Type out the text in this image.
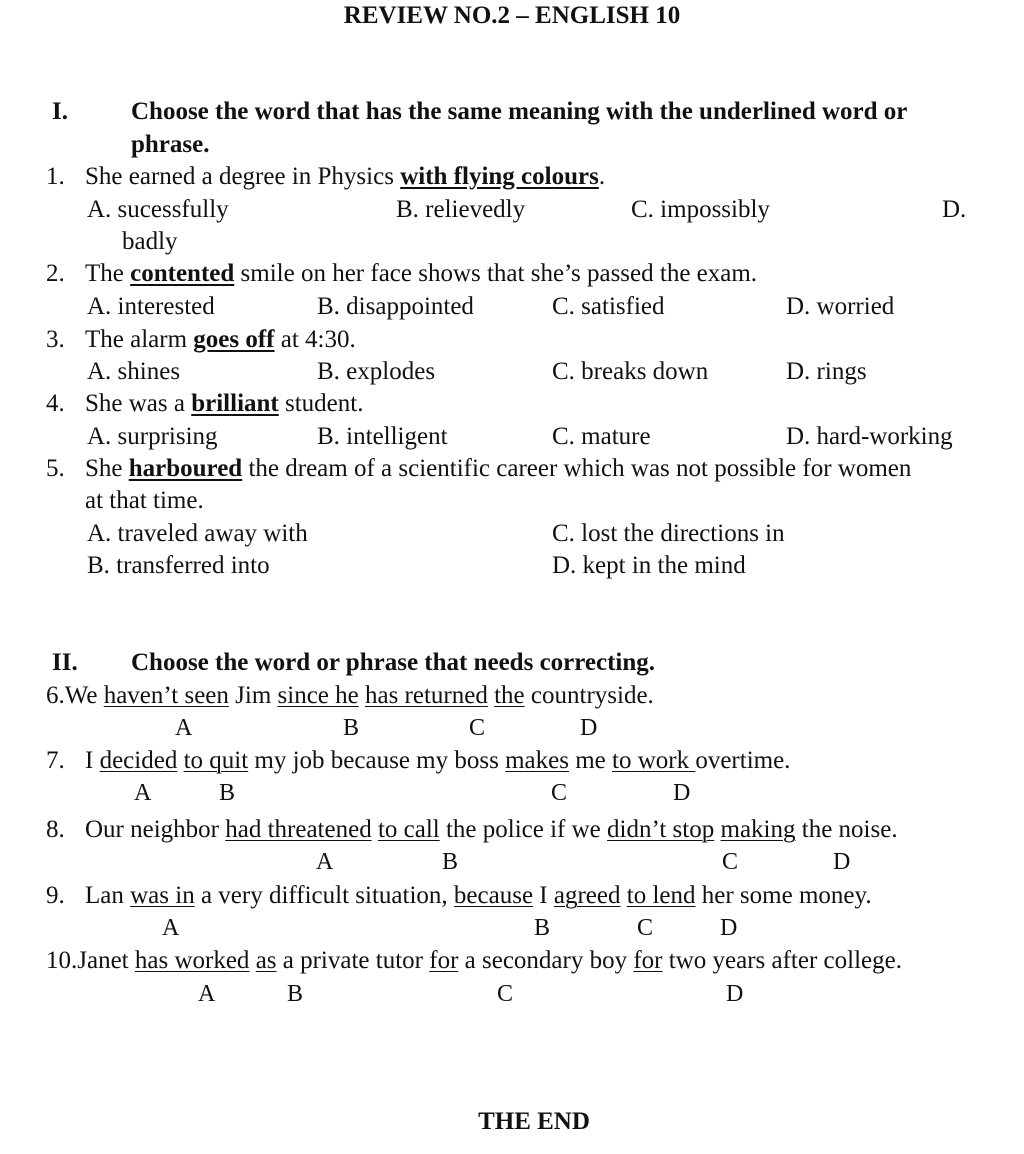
REVIEW NO.2 – ENGLISH 10
I.	Choose the word that has the same meaning with the underlined word or
phrase.
1. She earned a degree in Physics with flying colours.
A. sucessfully	B. relievedly	C. impossibly	D.
badly
2. The contented smile on her face shows that she’s passed the exam.
A. interested	B. disappointed	C. satisfied	D. worried
3. The alarm goes off at 4:30.
A. shines	B. explodes	C. breaks down	D. rings
4. She was a brilliant student.
A. surprising	B. intelligent	C. mature	D. hard-working
5. She harboured the dream of a scientific career which was not possible for women
at that time.
A. traveled away with	C. lost the directions in
B. transferred into	D. kept in the mind
II. Choose the word or phrase that needs correcting.
6.We haven’t seen Jim since he has returned the countryside.
A	B	C	D
7. I decided to quit my job because my boss makes me to work overtime.
A	B	C	D
8. Our neighbor had threatened to call the police if we didn’t stop making the noise.
A	B	C	D
9. Lan was in a very difficult situation, because I agreed to lend her some money.
A	B	C	D
10.Janet has worked as a private tutor for a secondary boy for two years after college.
A	B	C	D
THE END
